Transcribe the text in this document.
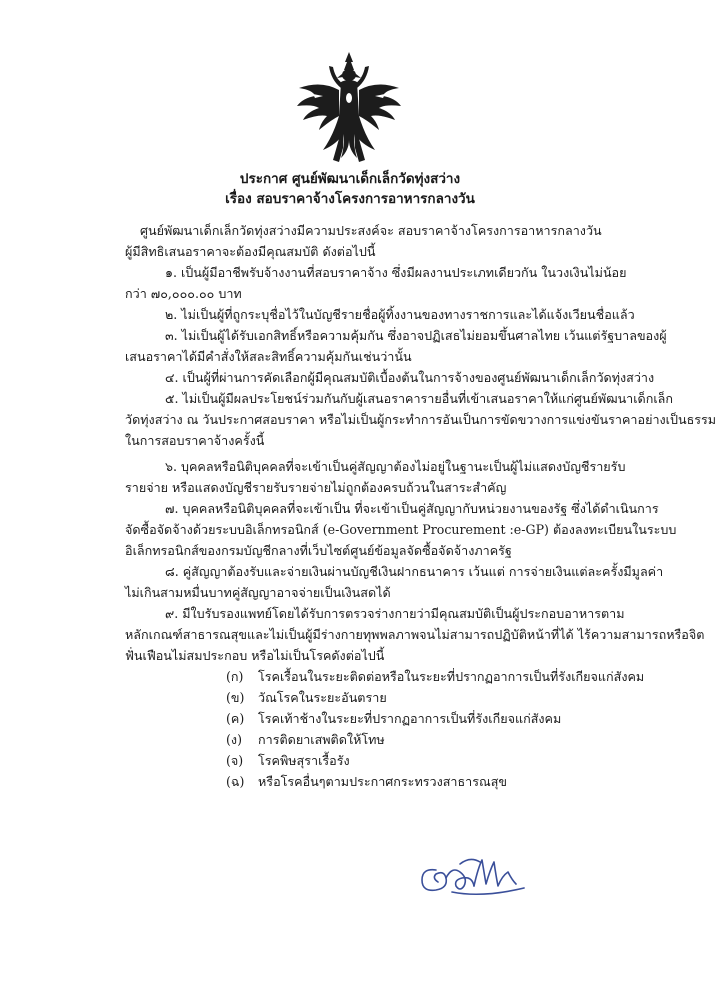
ประกาศ ศูนย์พัฒนาเด็กเล็กวัดทุ่งสว่าง
เรื่อง สอบราคาจ้างโครงการอาหารกลางวัน
ศูนย์พัฒนาเด็กเล็กวัดทุ่งสว่างมีความประสงค์จะ สอบราคาจ้างโครงการอาหารกลางวัน
ผู้มีสิทธิเสนอราคาจะต้องมีคุณสมบัติ ดังต่อไปนี้
๑. เป็นผู้มีอาชีพรับจ้างงานที่สอบราคาจ้าง ซึ่งมีผลงานประเภทเดียวกัน ในวงเงินไม่น้อย
กว่า ๗๐,๐๐๐.๐๐ บาท
๒. ไม่เป็นผู้ที่ถูกระบุชื่อไว้ในบัญชีรายชื่อผู้ทิ้งงานของทางราชการและได้แจ้งเวียนชื่อแล้ว
๓. ไม่เป็นผู้ได้รับเอกสิทธิ์หรือความคุ้มกัน ซึ่งอาจปฏิเสธไม่ยอมขึ้นศาลไทย เว้นแต่รัฐบาลของผู้
เสนอราคาได้มีคำสั่งให้สละสิทธิ์ความคุ้มกันเช่นว่านั้น
๔. เป็นผู้ที่ผ่านการคัดเลือกผู้มีคุณสมบัติเบื้องต้นในการจ้างของศูนย์พัฒนาเด็กเล็กวัดทุ่งสว่าง
๕. ไม่เป็นผู้มีผลประโยชน์ร่วมกันกับผู้เสนอราคารายอื่นที่เข้าเสนอราคาให้แก่ศูนย์พัฒนาเด็กเล็ก
วัดทุ่งสว่าง ณ วันประกาศสอบราคา หรือไม่เป็นผู้กระทำการอันเป็นการขัดขวางการแข่งขันราคาอย่างเป็นธรรม
ในการสอบราคาจ้างครั้งนี้
๖. บุคคลหรือนิติบุคคลที่จะเข้าเป็นคู่สัญญาต้องไม่อยู่ในฐานะเป็นผู้ไม่แสดงบัญชีรายรับ
รายจ่าย หรือแสดงบัญชีรายรับรายจ่ายไม่ถูกต้องครบถ้วนในสาระสำคัญ
๗. บุคคลหรือนิติบุคคลที่จะเข้าเป็น ที่จะเข้าเป็นคู่สัญญากับหน่วยงานของรัฐ ซึ่งได้ดำเนินการ
จัดซื้อจัดจ้างด้วยระบบอิเล็กทรอนิกส์ (e-Government Procurement :e-GP) ต้องลงทะเบียนในระบบ
อิเล็กทรอนิกส์ของกรมบัญชีกลางที่เว็บไซต์ศูนย์ข้อมูลจัดซื้อจัดจ้างภาครัฐ
๘. คู่สัญญาต้องรับและจ่ายเงินผ่านบัญชีเงินฝากธนาคาร เว้นแต่ การจ่ายเงินแต่ละครั้งมีมูลค่า
ไม่เกินสามหมื่นบาทคู่สัญญาอาจจ่ายเป็นเงินสดได้
๙. มีใบรับรองแพทย์โดยได้รับการตรวจร่างกายว่ามีคุณสมบัติเป็นผู้ประกอบอาหารตาม
หลักเกณฑ์สาธารณสุขและไม่เป็นผู้มีร่างกายทุพพลภาพจนไม่สามารถปฏิบัติหน้าที่ได้ ไร้ความสามารถหรือจิต
ฟั่นเฟือนไม่สมประกอบ หรือไม่เป็นโรคดังต่อไปนี้
(ก)	โรคเรื้อนในระยะติดต่อหรือในระยะที่ปรากฏอาการเป็นที่รังเกียจแก่สังคม
(ข)	วัณโรคในระยะอันตราย
(ค)	โรคเท้าช้างในระยะที่ปรากฏอาการเป็นที่รังเกียจแก่สังคม
(ง)	การติดยาเสพติดให้โทษ
(จ)	โรคพิษสุราเรื้อรัง
(ฉ)	หรือโรคอื่นๆตามประกาศกระทรวงสาธารณสุข
